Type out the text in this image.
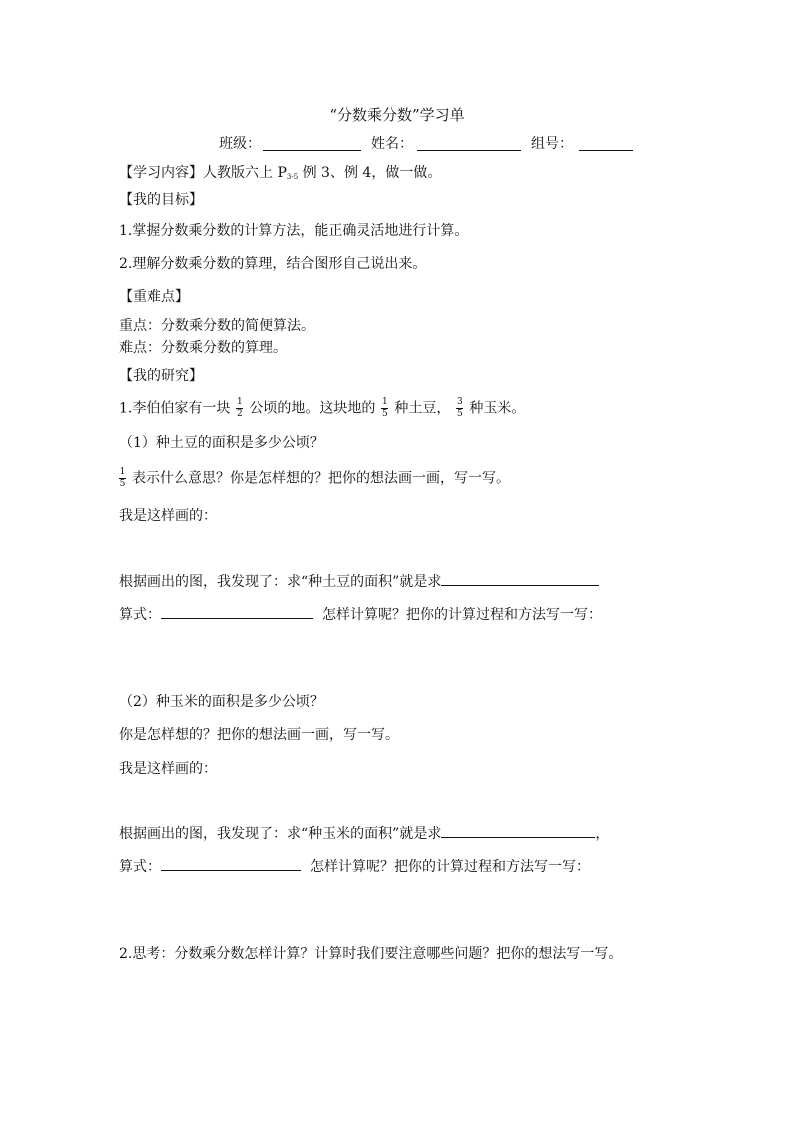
“分数乘分数”学习单
班级：	姓名：	组号：
【学习内容】人教版六上 $P_{3-5}$ 例 3、例 4，做一做。
【我的目标】
1.掌握分数乘分数的计算方法，能正确灵活地进行计算。
2.理解分数乘分数的算理，结合图形自己说出来。
【重难点】
重点：分数乘分数的简便算法。
难点：分数乘分数的算理。
【我的研究】
1.李伯伯家有一块 $\frac{1}{2}$ 公顷的地。这块地的 $\frac{1}{5}$ 种土豆， $\frac{3}{5}$ 种玉米。
（1）种土豆的面积是多少公顷？
$\frac{1}{5}$ 表示什么意思？你是怎样想的？把你的想法画一画，写一写。
我是这样画的：
根据画出的图，我发现了：求“种土豆的面积”就是求
算式：	怎样计算呢？把你的计算过程和方法写一写：
（2）种玉米的面积是多少公顷？
你是怎样想的？把你的想法画一画，写一写。
我是这样画的：
根据画出的图，我发现了：求“种玉米的面积”就是求	，
算式：	怎样计算呢？把你的计算过程和方法写一写：
2.思考：分数乘分数怎样计算？计算时我们要注意哪些问题？把你的想法写一写。
